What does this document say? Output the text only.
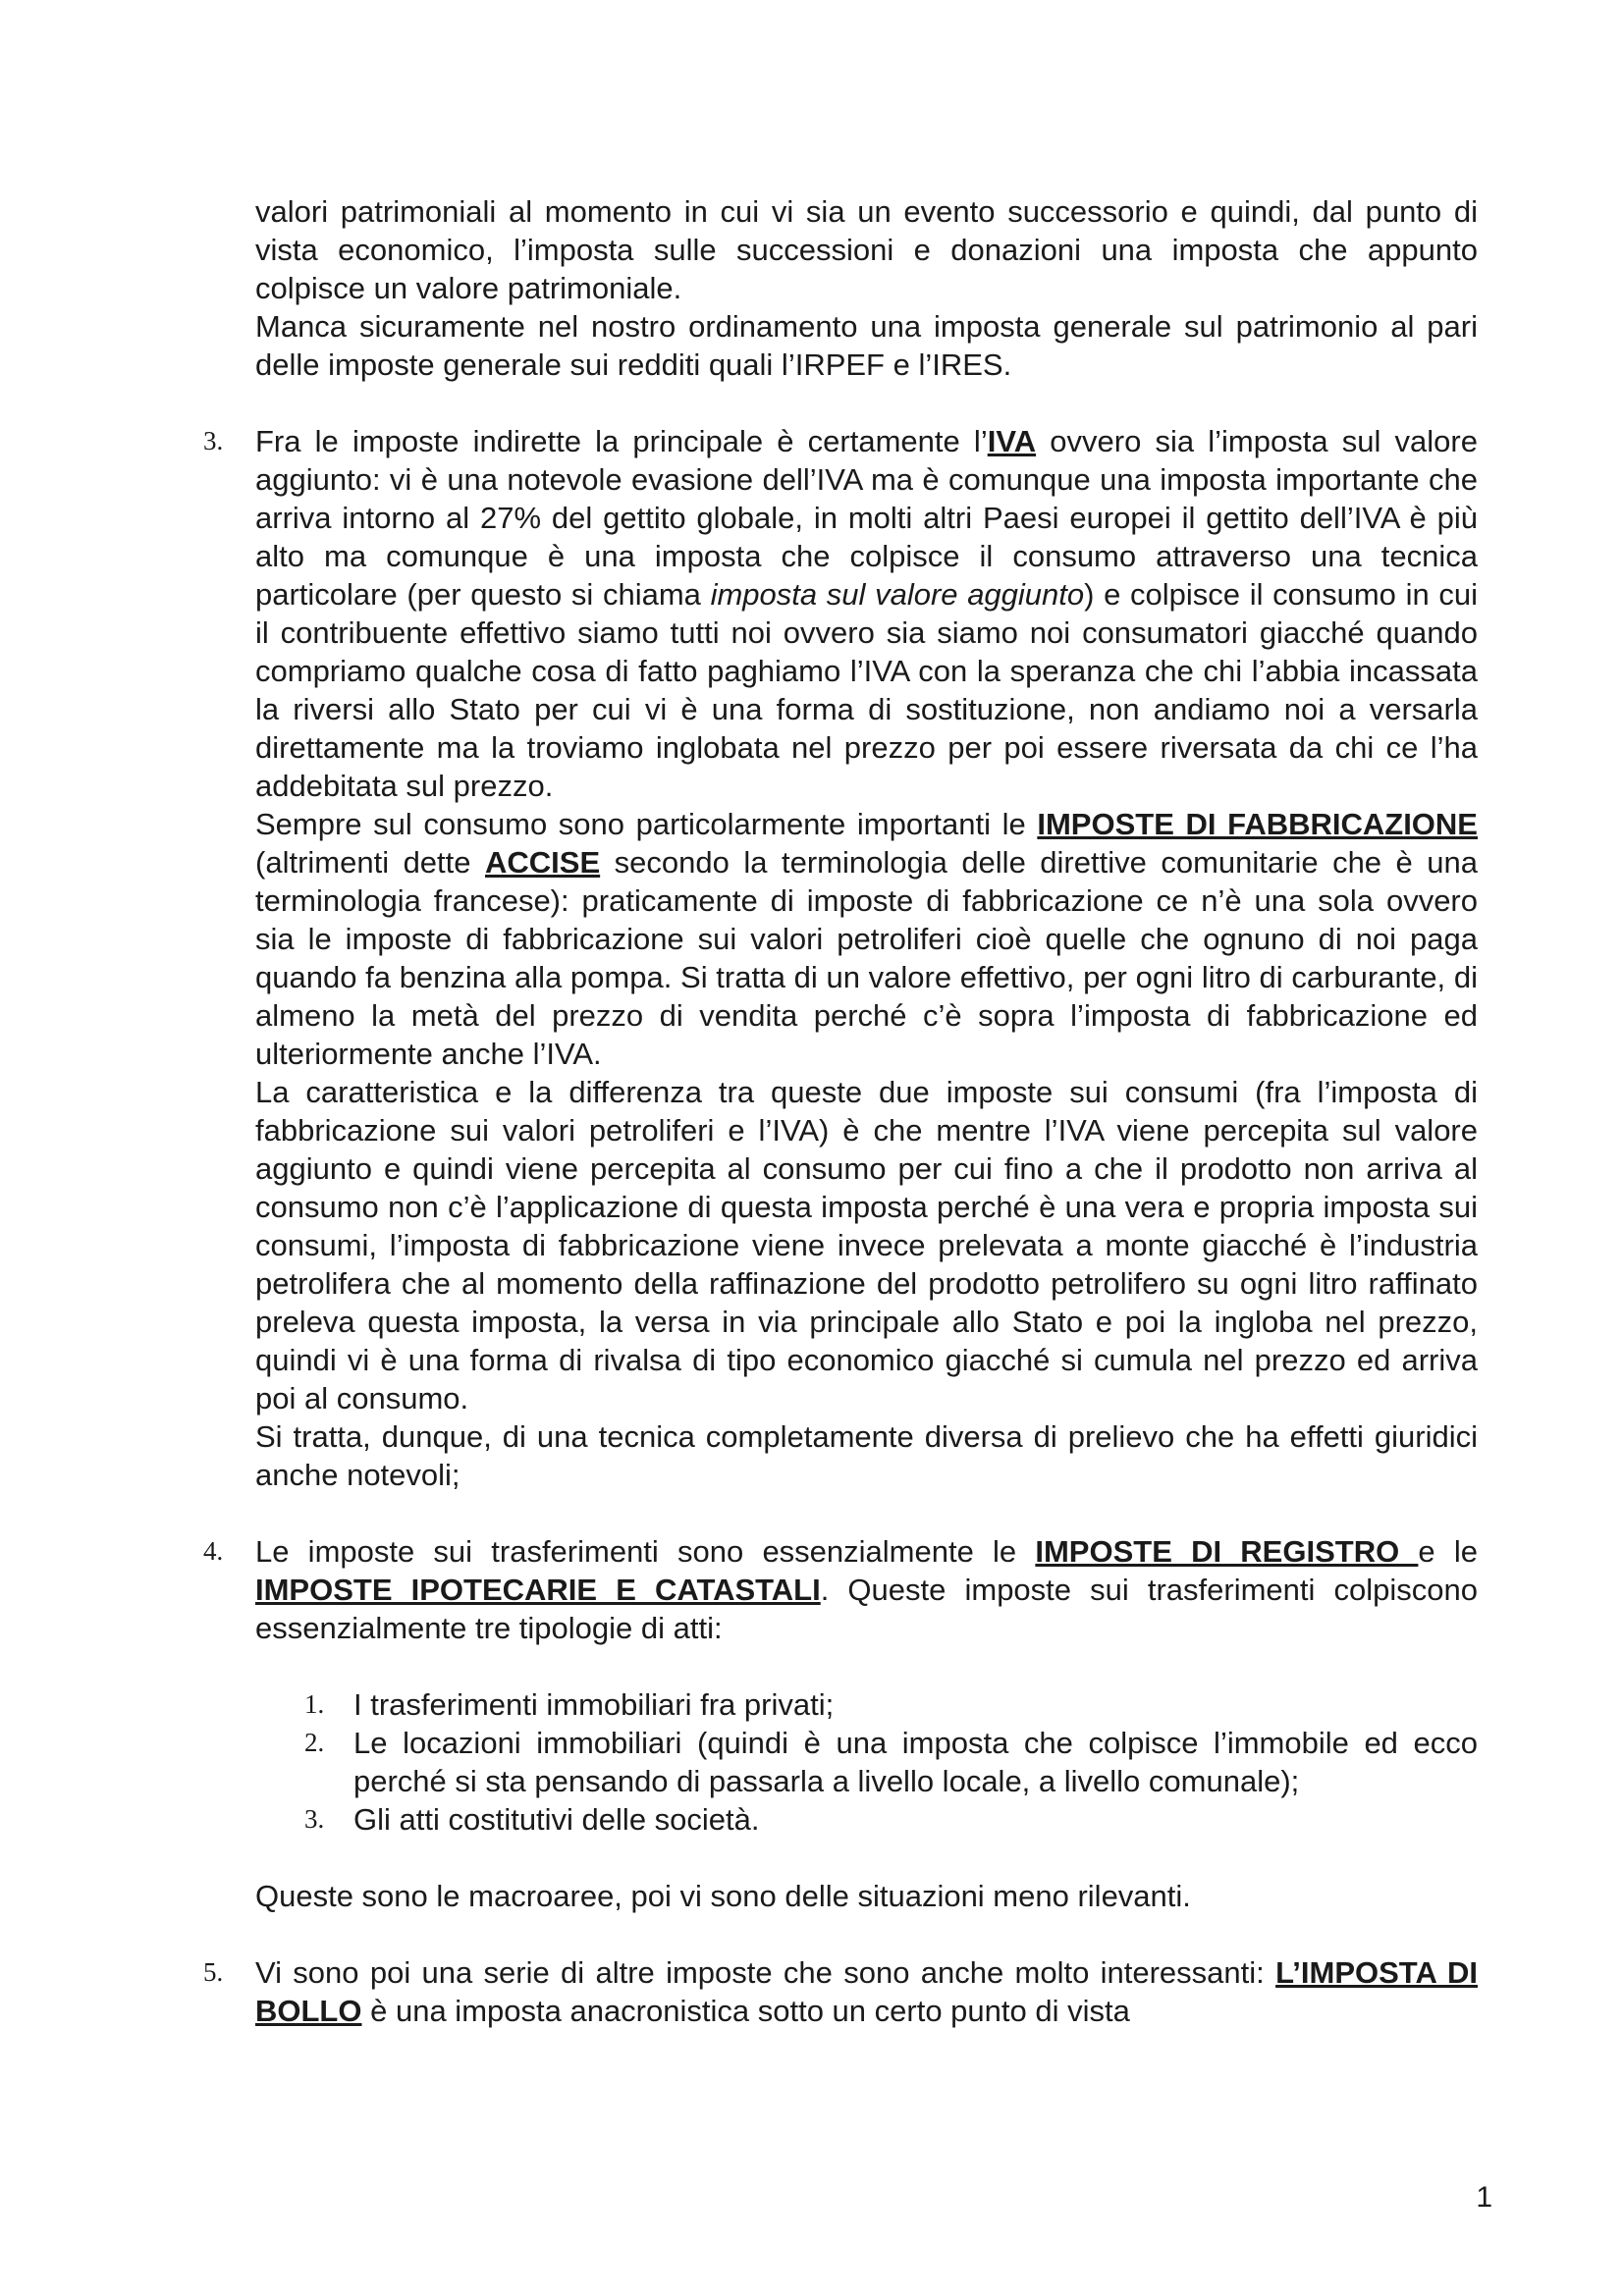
valori patrimoniali al momento in cui vi sia un evento successorio e quindi, dal punto di vista economico, l’imposta sulle successioni e donazioni una imposta che appunto colpisce un valore patrimoniale.

Manca sicuramente nel nostro ordinamento una imposta generale sul patrimonio al pari delle imposte generale sui redditi quali l’IRPEF e l’IRES.

3. Fra le imposte indirette la principale è certamente l’IVA ovvero sia l’imposta sul valore aggiunto: vi è una notevole evasione dell’IVA ma è comunque una imposta importante che arriva intorno al 27% del gettito globale, in molti altri Paesi europei il gettito dell’IVA è più alto ma comunque è una imposta che colpisce il consumo attraverso una tecnica particolare (per questo si chiama imposta sul valore aggiunto) e colpisce il consumo in cui il contribuente effettivo siamo tutti noi ovvero sia siamo noi consumatori giacché quando compriamo qualche cosa di fatto paghiamo l’IVA con la speranza che chi l’abbia incassata la riversi allo Stato per cui vi è una forma di sostituzione, non andiamo noi a versarla direttamente ma la troviamo inglobata nel prezzo per poi essere riversata da chi ce l’ha addebitata sul prezzo.

Sempre sul consumo sono particolarmente importanti le IMPOSTE DI FABBRICAZIONE (altrimenti dette ACCISE secondo la terminologia delle direttive comunitarie che è una terminologia francese): praticamente di imposte di fabbricazione ce n’è una sola ovvero sia le imposte di fabbricazione sui valori petroliferi cioè quelle che ognuno di noi paga quando fa benzina alla pompa. Si tratta di un valore effettivo, per ogni litro di carburante, di almeno la metà del prezzo di vendita perché c’è sopra l’imposta di fabbricazione ed ulteriormente anche l’IVA.

La caratteristica e la differenza tra queste due imposte sui consumi (fra l’imposta di fabbricazione sui valori petroliferi e l’IVA) è che mentre l’IVA viene percepita sul valore aggiunto e quindi viene percepita al consumo per cui fino a che il prodotto non arriva al consumo non c’è l’applicazione di questa imposta perché è una vera e propria imposta sui consumi, l’imposta di fabbricazione viene invece prelevata a monte giacché è l’industria petrolifera che al momento della raffinazione del prodotto petrolifero su ogni litro raffinato preleva questa imposta, la versa in via principale allo Stato e poi la ingloba nel prezzo, quindi vi è una forma di rivalsa di tipo economico giacché si cumula nel prezzo ed arriva poi al consumo.

Si tratta, dunque, di una tecnica completamente diversa di prelievo che ha effetti giuridici anche notevoli;

4. Le imposte sui trasferimenti sono essenzialmente le IMPOSTE DI REGISTRO e le IMPOSTE IPOTECARIE E CATASTALI. Queste imposte sui trasferimenti colpiscono essenzialmente tre tipologie di atti:

1. I trasferimenti immobiliari fra privati;
2. Le locazioni immobiliari (quindi è una imposta che colpisce l’immobile ed ecco perché si sta pensando di passarla a livello locale, a livello comunale);
3. Gli atti costitutivi delle società.

Queste sono le macroaree, poi vi sono delle situazioni meno rilevanti.

5. Vi sono poi una serie di altre imposte che sono anche molto interessanti: L’IMPOSTA DI BOLLO è una imposta anacronistica sotto un certo punto di vista

1
